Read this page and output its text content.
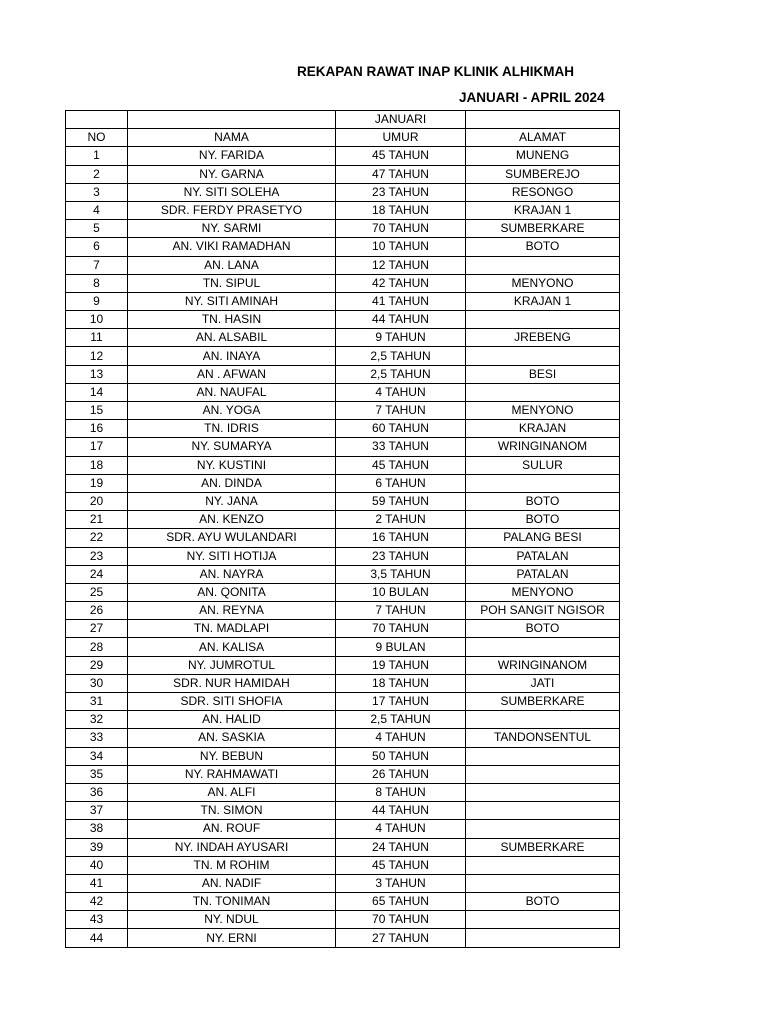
REKAPAN RAWAT INAP KLINIK ALHIKMAH
JANUARI - APRIL 2024
		JANUARI	
NO	NAMA	UMUR	ALAMAT
1	NY. FARIDA	45 TAHUN	MUNENG
2	NY. GARNA	47 TAHUN	SUMBEREJO
3	NY. SITI SOLEHA	23 TAHUN	RESONGO
4	SDR. FERDY PRASETYO	18 TAHUN	KRAJAN 1
5	NY. SARMI	70 TAHUN	SUMBERKARE
6	AN. VIKI RAMADHAN	10 TAHUN	BOTO
7	AN. LANA	12 TAHUN	
8	TN. SIPUL	42 TAHUN	MENYONO
9	NY. SITI AMINAH	41 TAHUN	KRAJAN 1
10	TN. HASIN	44 TAHUN	
11	AN. ALSABIL	9 TAHUN	JREBENG
12	AN. INAYA	2,5 TAHUN	
13	AN . AFWAN	2,5 TAHUN	BESI
14	AN. NAUFAL	4 TAHUN	
15	AN. YOGA	7 TAHUN	MENYONO
16	TN. IDRIS	60 TAHUN	KRAJAN
17	NY. SUMARYA	33 TAHUN	WRINGINANOM
18	NY. KUSTINI	45 TAHUN	SULUR
19	AN. DINDA	6 TAHUN	
20	NY. JANA	59 TAHUN	BOTO
21	AN. KENZO	2 TAHUN	BOTO
22	SDR. AYU WULANDARI	16 TAHUN	PALANG BESI
23	NY. SITI HOTIJA	23 TAHUN	PATALAN
24	AN. NAYRA	3,5 TAHUN	PATALAN
25	AN. QONITA	10 BULAN	MENYONO
26	AN. REYNA	7 TAHUN	POH SANGIT NGISOR
27	TN. MADLAPI	70 TAHUN	BOTO
28	AN. KALISA	9 BULAN	
29	NY. JUMROTUL	19 TAHUN	WRINGINANOM
30	SDR. NUR HAMIDAH	18 TAHUN	JATI
31	SDR. SITI SHOFIA	17 TAHUN	SUMBERKARE
32	AN. HALID	2,5 TAHUN	
33	AN. SASKIA	4 TAHUN	TANDONSENTUL
34	NY. BEBUN	50 TAHUN	
35	NY. RAHMAWATI	26 TAHUN	
36	AN. ALFI	8 TAHUN	
37	TN. SIMON	44 TAHUN	
38	AN. ROUF	4 TAHUN	
39	NY. INDAH AYUSARI	24 TAHUN	SUMBERKARE
40	TN. M ROHIM	45 TAHUN	
41	AN. NADIF	3 TAHUN	
42	TN. TONIMAN	65 TAHUN	BOTO
43	NY. NDUL	70 TAHUN	
44	NY. ERNI	27 TAHUN	
